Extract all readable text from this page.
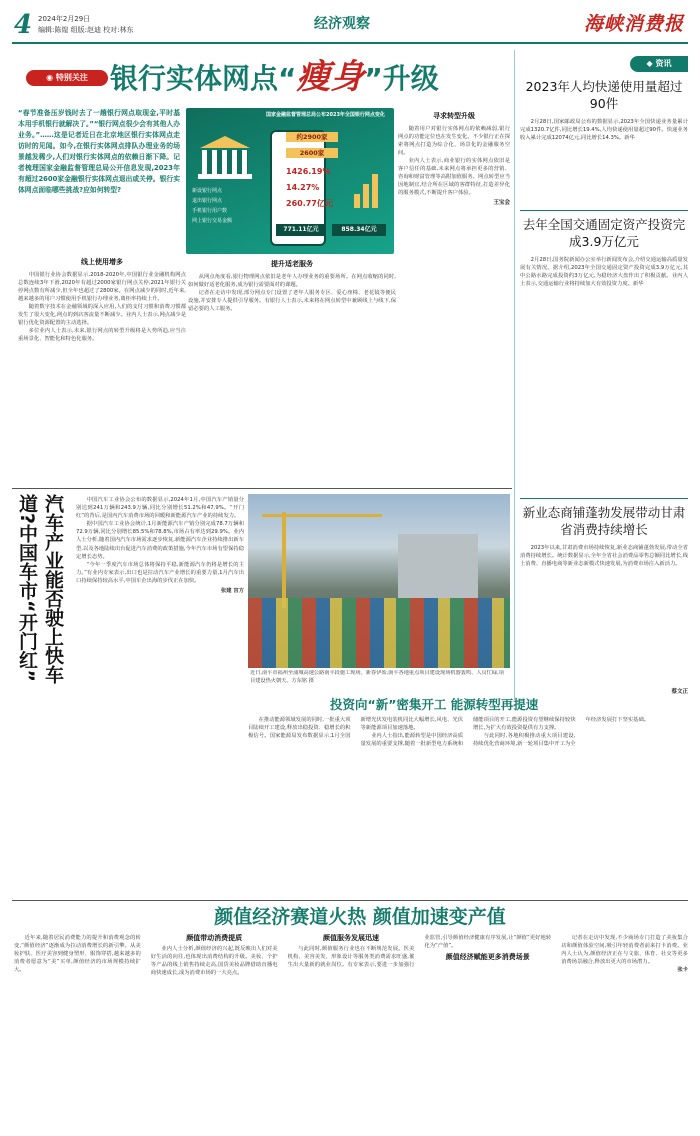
4 2024年2月29日
编辑:陈煌 组版:赵迪 校对:林东	经济观察	海峡消费报
◉ 特别关注 银行实体网点“瘦身”升级
“春节准备压岁钱时去了一趟银行网点取现金,平时基本用手机银行就解决了。”“银行网点很少会有其他人办业务。”……这是记者近日在北京地区银行实体网点走访时的见闻。如今,在银行实体网点排队办理业务的场景越发稀少,人们对银行实体网点的依赖日渐下降。记者梳理国家金融监督管理总局公开信息发现,2023年有超过2600家金融银行实体网点退出或关停。银行实体网点面临哪些挑战?应如何转型?
国家金融监督管理总局公布2023年全国银行网点变化
约2900家
2600家
1426.19%
14.27%
260.77亿元
771.11亿元	858.34亿元
新设银行网点
退出银行网点
手机银行用户数
网上银行交易金额
线上使用增多

中国银行业协会数据显示,2018-2020年,中国银行业金融机构网点总数连续3年下滑,2020年有超过2000家银行网点关停,2021年银行关停网点数有所减少,但全年也超过了2800家。在网点减少的同时,近年来,越来越多的用户习惯使用手机银行办理业务,离柜率持续上升。

随着数字技术在金融领域的深入应用,人们的支付习惯和消费习惯都发生了很大变化,网点的到店客流量不断减少。业内人士表示,网点减少是银行优化资源配置的主动选择。

多位业内人士表示,未来,银行网点的转型升级将是大势所趋,应当注重场景化、智能化和特色化服务。

提升适老服务

从网点角度看,银行物理网点依旧是老年人办理业务的重要场所。在网点收缩的同时,如何做好适老化服务,成为银行需要面对的课题。

记者在走访中发现,部分网点专门设置了老年人服务专区、爱心座椅、老花镜等便民设施,并安排专人提供引导服务。有银行人士表示,未来将在网点转型中兼顾线上与线下,保留必要的人工服务。

寻求转型升级

随着用户对银行实体网点的依赖减弱,银行网点的功能定位也在发生变化。不少银行正在探索将网点打造为综合化、场景化的金融服务空间。

业内人士表示,商业银行的实体网点依旧是客户信任的基础,未来网点将承担更多的营销、咨询和财富管理等高附加值服务。网点转型应当因地制宜,结合所在区域的客群特征,打造差异化的服务模式,不断提升客户体验。

王宝会
◆ 资讯
2023年人均快递使用量超过90件
2月28日,国家邮政局公布的数据显示,2023年全国快递业务量累计完成1320.7亿件,同比增长19.4%,人均快递使用量超过90件。快递业务收入累计完成12074亿元,同比增长14.3%。新华
去年全国交通固定资产投资完成3.9万亿元
2月28日,国务院新闻办公室举行新闻发布会,介绍交通运输高质量发展有关情况。据介绍,2023年全国交通固定资产投资完成3.9万亿元,其中公路水路完成投资约3万亿元,为稳经济大盘作出了积极贡献。业内人士表示,交通运输行业将持续加大有效投资力度。新华
新业态商铺蓬勃发展带动甘肃省消费持续增长
2023年以来,甘肃消费市场持续恢复,新业态商铺蓬勃发展,带动全省消费持续增长。统计数据显示,全年全省社会消费品零售总额同比增长,线上消费、直播电商等新业态新模式快速发展,为消费市场注入新活力。
蔡文正
汽车产业能否驶上快车道?中国车市“开门红”	中国汽车工业协会公布的数据显示,2024年1月,中国汽车产销量分别达到241万辆和243.9万辆,同比分别增长51.2%和47.9%。“开门红”的背后,是国内汽车消费市场的回暖和新能源汽车产业的持续发力。

据中国汽车工业协会统计,1月新能源汽车产销分别完成78.7万辆和72.9万辆,同比分别增长85.5%和78.8%,市场占有率达到29.9%。业内人士分析,随着国内汽车市场需求逐步恢复,新能源汽车企业持续推出新车型,以及各地陆续出台促进汽车消费的政策措施,今年汽车市场有望保持稳定增长态势。

“今年一季度汽车市场总体将保持平稳,新能源汽车仍将是增长的主力。”有业内专家表示,出口也是拉动汽车产业增长的重要力量,1月汽车出口持续保持较高水平,中国车企出海的步伐正在加快。

张建 宫方
近日,南平市福州至浦城高速公路南平段施工现场。新春伊始,南平各地重点项目建设现场机器轰鸣、人员忙碌,项目建设热火朝天。方东铭 摄
投资向“新”密集开工 能源转型再提速

在推动能源领域发展的同时,一批重大项目陆续开工建设,释放出稳投资、稳增长的积极信号。国家能源局发布数据显示,1月全国新增光伏发电装机同比大幅增长,风电、光伏等新能源项目加速落地。

业内人士指出,能源转型是中国经济高质量发展的重要支撑,随着一批新型电力系统和储能项目的开工,能源投资有望继续保持较快增长,为扩大有效投资提供有力支撑。

与此同时,各地积极推动重大项目建设,持续优化营商环境,新一轮项目集中开工为全年经济发展打下坚实基础。

颜值经济赛道火热 颜值加速变产值

近年来,随着居民消费能力的提升和消费观念的转变,“颜值经济”逐渐成为拉动消费增长的新引擎。从美妆护肤、医疗美容到健身塑形、服饰穿搭,越来越多的消费者愿意为“美”买单,颜值经济的市场规模持续扩大。

颜值带动消费提质

业内人士分析,颜值经济的兴起,既反映出人们对美好生活的向往,也体现出消费结构的升级。美妆、个护等产品的线上销售持续走高,国货美妆品牌借助直播电商快速成长,成为消费市场的一大亮点。

颜值服务发展迅速

与此同时,颜值服务行业也在不断规范发展。医美机构、美容美发、形象设计等服务类消费需求旺盛,催生出大量新的就业岗位。有专家表示,要进一步加强行业监管,引导颜值经济健康有序发展,让“颜值”更好地转化为“产值”。

颜值经济赋能更多消费场景

记者在走访中发现,不少商场专门打造了美妆集合店和颜值体验空间,吸引年轻消费者前来打卡消费。业内人士认为,颜值经济正在与文旅、体育、社交等更多消费场景融合,释放出更大的市场潜力。

张卡
